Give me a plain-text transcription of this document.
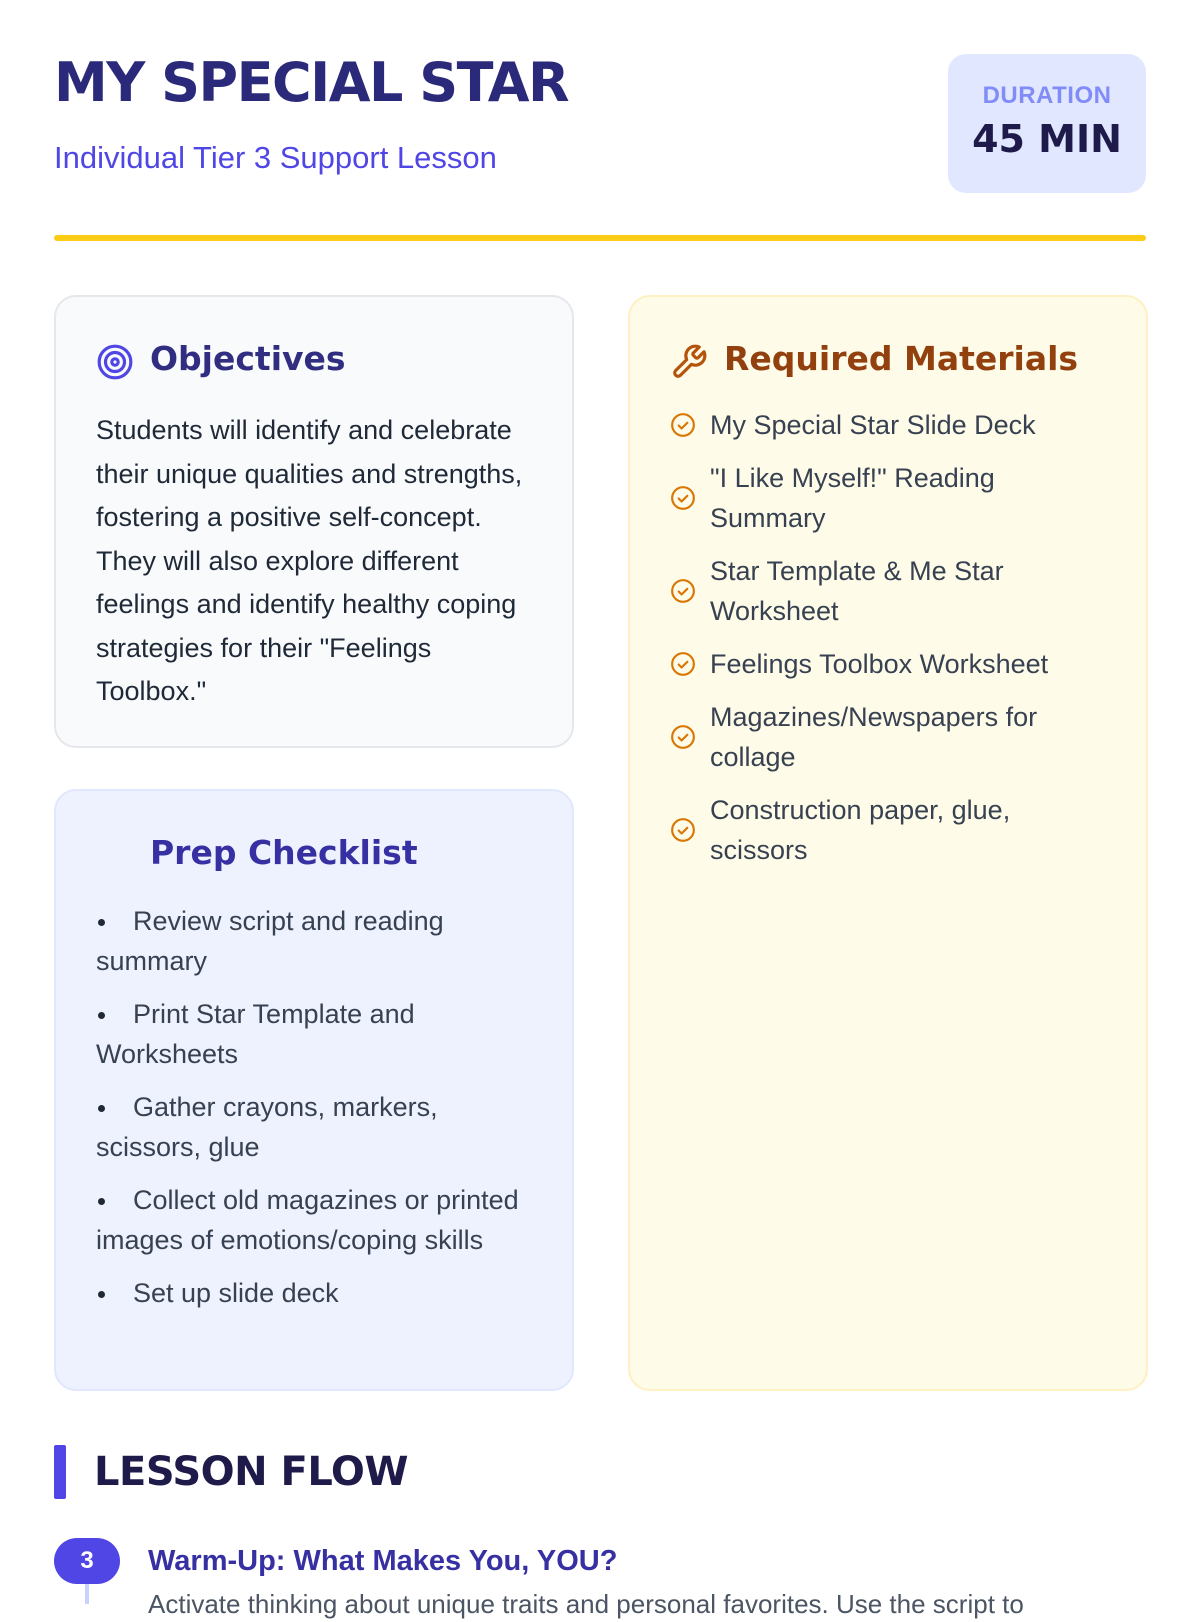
MY SPECIAL STAR
Individual Tier 3 Support Lesson
DURATION
45 MIN
Objectives

Students will identify and celebrate their unique qualities and strengths, fostering a positive self-concept. They will also explore different feelings and identify healthy coping strategies for their "Feelings Toolbox."

Prep Checklist
Review script and reading summary
Print Star Template and Worksheets
Gather crayons, markers, scissors, glue
Collect old magazines or printed images of emotions/coping skills
Set up slide deck
Required Materials
My Special Star Slide Deck
"I Like Myself!" Reading Summary
Star Template & Me Star Worksheet
Feelings Toolbox Worksheet
Magazines/Newspapers for collage
Construction paper, glue, scissors
LESSON FLOW
3	Warm-Up: What Makes You, YOU?

Activate thinking about unique traits and personal favorites. Use the script to
